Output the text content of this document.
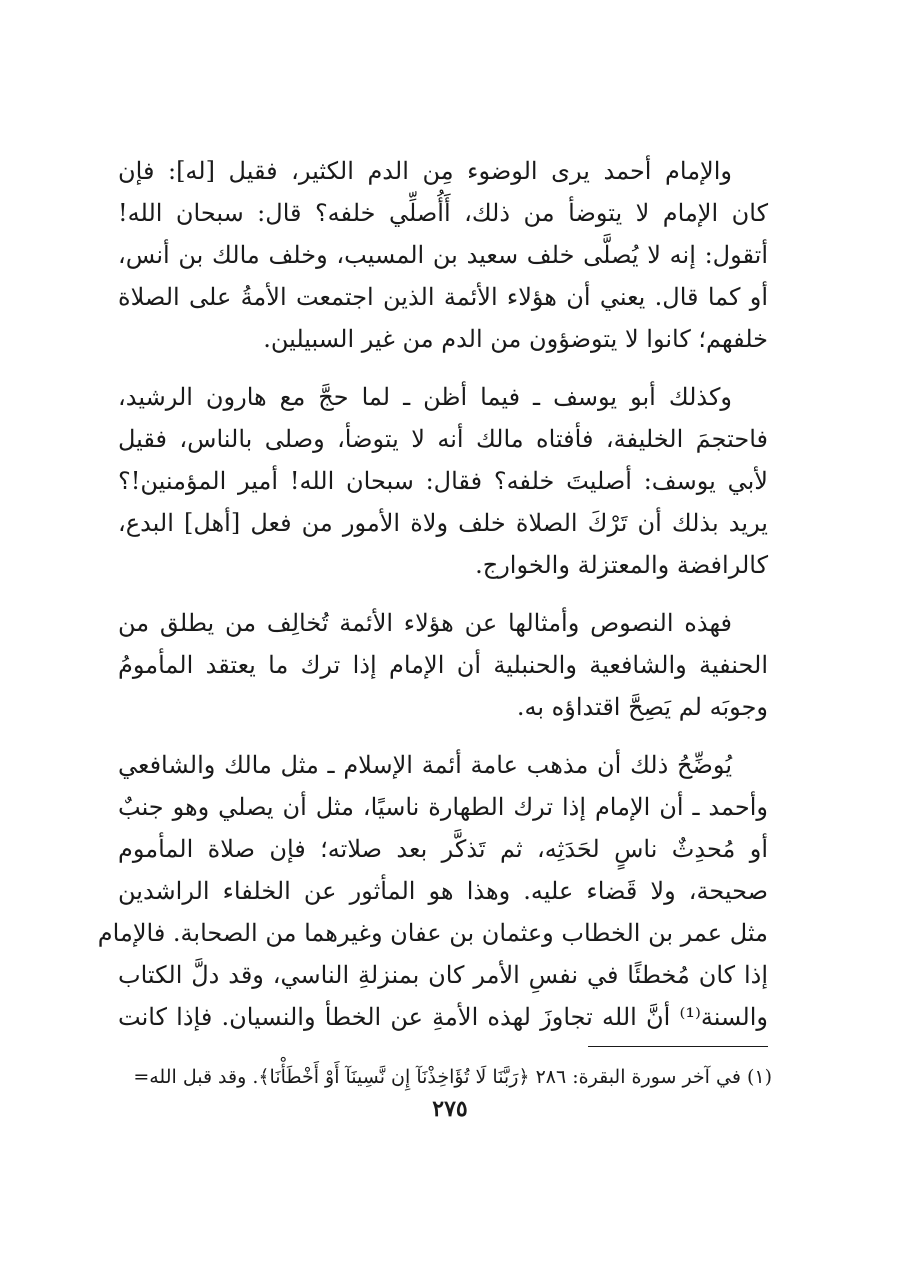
والإمام أحمد يرى الوضوء مِن الدم الكثير، فقيل [له]: فإن
كان الإمام لا يتوضأ من ذلك، أَأُصلِّي خلفه؟ قال: سبحان الله!
أتقول: إنه لا يُصلَّى خلف سعيد بن المسيب، وخلف مالك بن أنس،
أو كما قال. يعني أن هؤلاء الأئمة الذين اجتمعت الأمةُ على الصلاة
خلفهم؛ كانوا لا يتوضؤون من الدم من غير السبيلين.
وكذلك أبو يوسف ـ فيما أظن ـ لما حجَّ مع هارون الرشيد،
فاحتجمَ الخليفة، فأفتاه مالك أنه لا يتوضأ، وصلى بالناس، فقيل
لأبي يوسف: أصليتَ خلفه؟ فقال: سبحان الله! أمير المؤمنين!؟
يريد بذلك أن تَرْكَ الصلاة خلف ولاة الأمور من فعل [أهل] البدع،
كالرافضة والمعتزلة والخوارج.
فهذه النصوص وأمثالها عن هؤلاء الأئمة تُخالِف من يطلق من
الحنفية والشافعية والحنبلية أن الإمام إذا ترك ما يعتقد المأمومُ
وجوبَه لم يَصِحَّ اقتداؤه به.
يُوضِّحُ ذلك أن مذهب عامة أئمة الإسلام ـ مثل مالك والشافعي
وأحمد ـ أن الإمام إذا ترك الطهارة ناسيًا، مثل أن يصلي وهو جنبٌ
أو مُحدِثٌ ناسٍ لحَدَثِه، ثم تَذكَّر بعد صلاته؛ فإن صلاة المأموم
صحيحة، ولا قَضاء عليه. وهذا هو المأثور عن الخلفاء الراشدين
مثل عمر بن الخطاب وعثمان بن عفان وغيرهما من الصحابة. فالإمام
إذا كان مُخطئًا في نفسِ الأمر كان بمنزلةِ الناسي، وقد دلَّ الكتاب
والسنة⁽¹⁾ أنَّ الله تجاوزَ لهذه الأمةِ عن الخطأ والنسيان. فإذا كانت
(١) في آخر سورة البقرة: ٢٨٦ ﴿رَبَّنَا لَا تُؤَاخِذْنَآ إِن نَّسِينَآ أَوْ أَخْطَأْنَا﴾. وقد قبل الله=
٢٧٥
